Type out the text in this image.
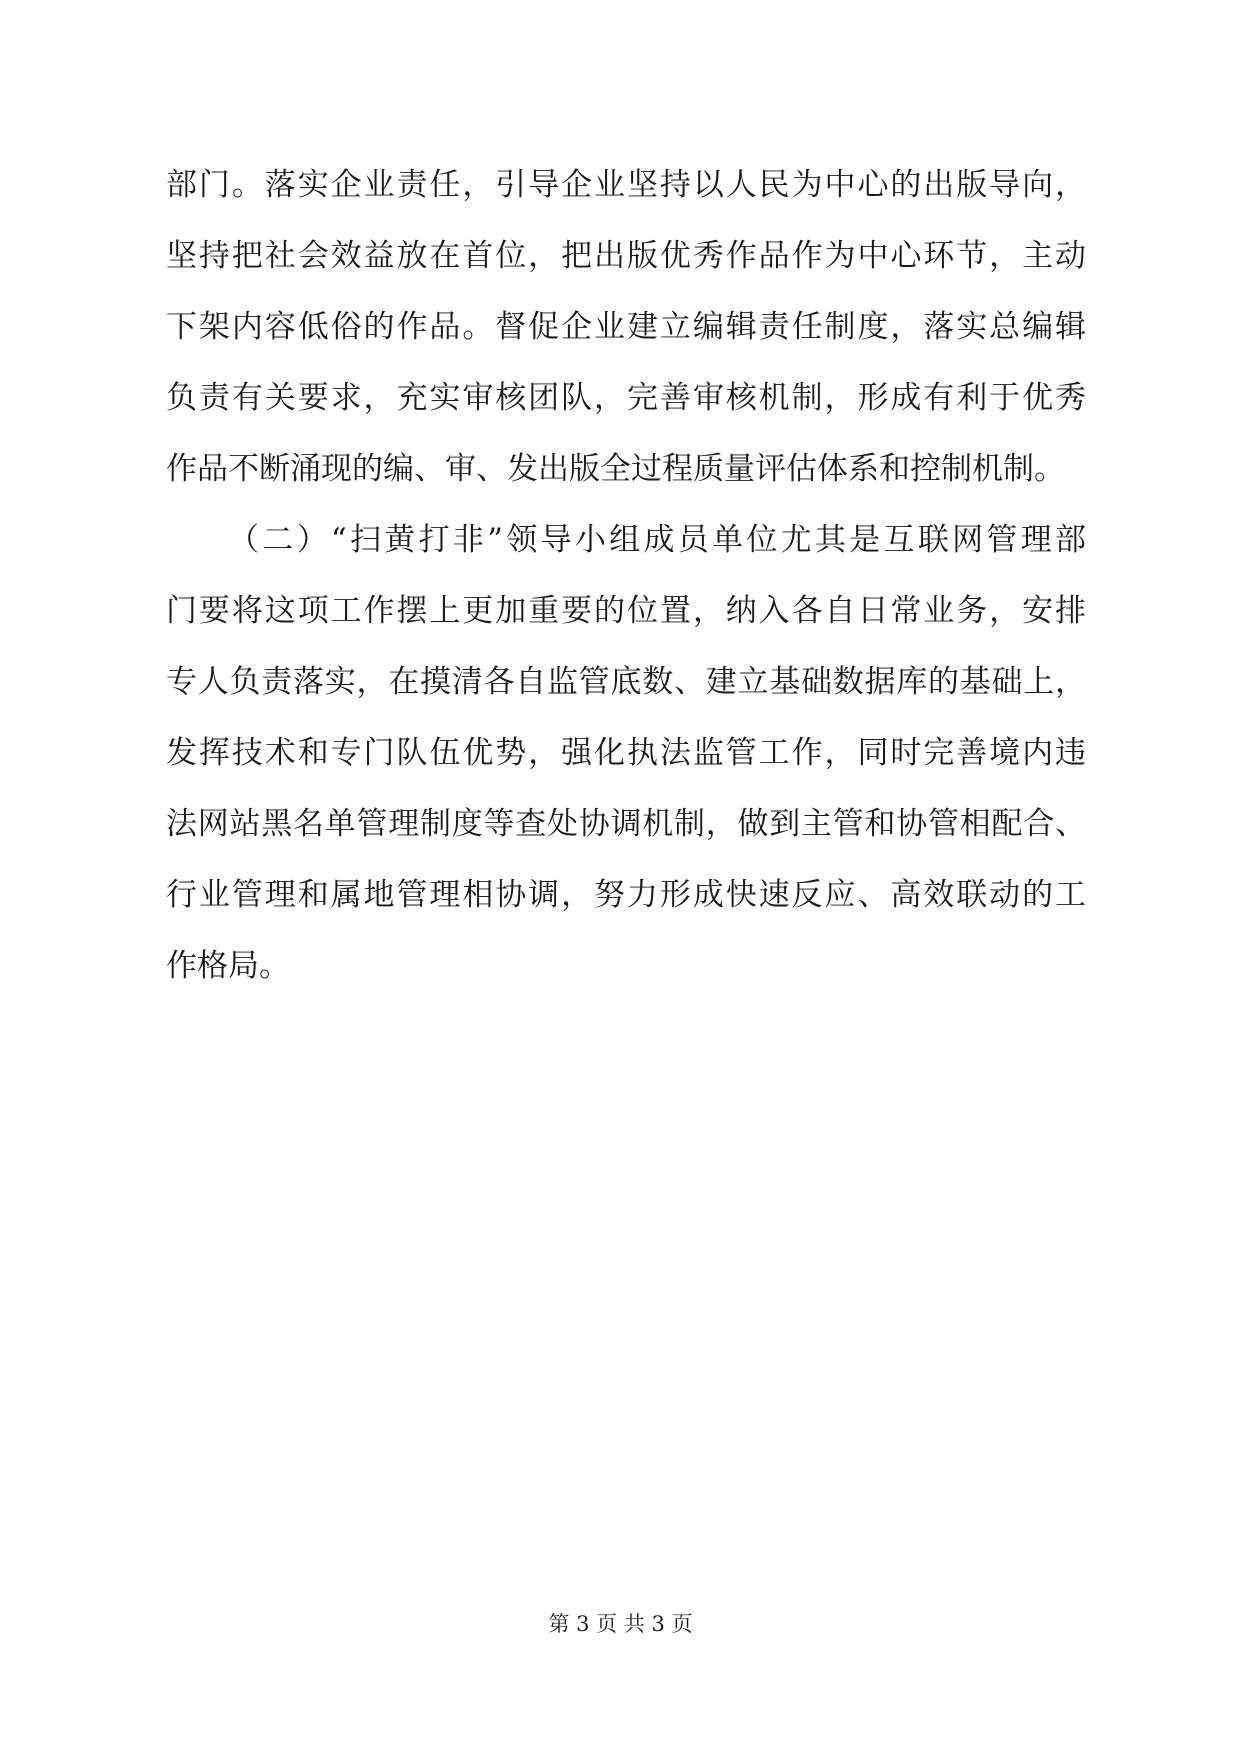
部门。落实企业责任，引导企业坚持以人民为中心的出版导向，
坚持把社会效益放在首位，把出版优秀作品作为中心环节，主动
下架内容低俗的作品。督促企业建立编辑责任制度，落实总编辑
负责有关要求，充实审核团队，完善审核机制，形成有利于优秀
作品不断涌现的编、审、发出版全过程质量评估体系和控制机制。
（二）“扫黄打非”领导小组成员单位尤其是互联网管理部
门要将这项工作摆上更加重要的位置，纳入各自日常业务，安排
专人负责落实，在摸清各自监管底数、建立基础数据库的基础上，
发挥技术和专门队伍优势，强化执法监管工作，同时完善境内违
法网站黑名单管理制度等查处协调机制，做到主管和协管相配合、
行业管理和属地管理相协调，努力形成快速反应、高效联动的工
作格局。
第 3 页 共 3 页
